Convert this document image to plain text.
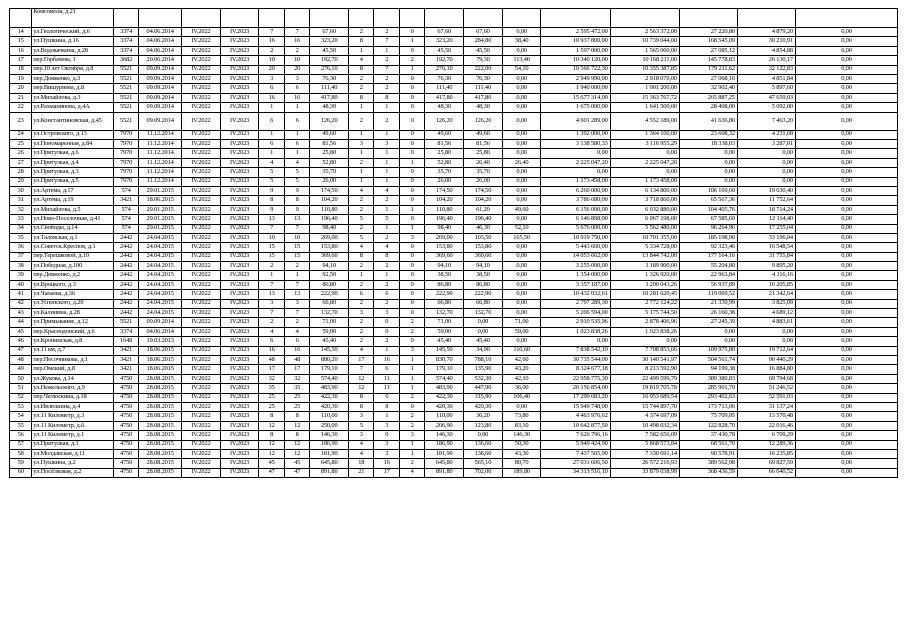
	Комсомола, д.21																		
14	ул.Геологический, д.6	3374	04.06.2014	IV.2022	IV.2023	7	7	67,60	2	2	0	67,60	67,60	0,00	2 595 472,00	2 563 372,00	27 220,80	4 879,20	0,00
15	ул.Пушкина, д.16	3374	04.06.2014	IV.2022	IV.2023	16	16	323,20	8	7	1	323,20	284,80	38,40	10 937 800,00	10 739 044,00	168 545,09	30 210,91	0,00
16	ул.Водокачкина, д.28	3374	04.06.2014	IV.2022	IV.2023	2	2	45,50	1	1	0	45,50	45,50	0,00	1 597 000,00	1 565 060,00	27 085,12	4 854,88	0,00
17	пер.Горбачева, 1	3682	20.06.2014	IV.2022	IV.2023	10	10	192,70	4	2	2	192,70	79,30	113,40	10 340 120,00	10 168 211,00	145 778,83	26 130,17	0,00
18	пер.10 лет Октября, д.8	5521	09.09.2014	IV.2022	IV.2023	20	20	276,10	8	7	1	276,10	222,00	54,10	10 566 722,30	10 355 387,85	179 211,62	32 122,83	0,00
19	пер.Довженко, д.3	5521	09.09.2014	IV.2022	IV.2023	3	3	76,30	2	2	0	76,30	76,30	0,00	2 949 990,00	2 918 070,00	27 068,16	4 851,84	0,00
20	пер.Вишуриева, д.8	5521	09.09.2014	IV.2022	IV.2023	6	6	111,40	2	2	0	111,40	111,40	0,00	1 940 000,00	1 901 200,00	32 902,40	5 897,60	0,00
21	ул.Михайлова, д.3	5521	09.09.2014	IV.2022	IV.2023	16	16	417,80	8	8	0	417,80	417,80	0,00	15 677 314,00	15 363 767,72	265 887,25	47 659,03	0,00
22	ул.Рахманинова, д.4А	5521	09.09.2014	IV.2022	IV.2023	1	1	48,30	1	1	0	48,30	48,30	0,00	1 675 000,00	1 641 500,00	28 408,00	5 092,00	0,00
23	ул.Константиновская, д.45	5521	09.09.2014	IV.2022	IV.2023	6	6	126,20	2	2	0	126,20	126,20	0,00	4 601 289,00	4 552 189,00	41 636,80	7 463,20	0,00
24	ул.Островского, д.13	7970	11.12.2014	IV.2022	IV.2023	1	1	49,60	1	1	0	49,60	49,60	0,00	1 392 000,00	1 364 160,00	23 608,32	4 231,68	0,00
25	ул.Пономаренная, д.84	7970	11.12.2014	IV.2022	IV.2023	6	6	81,56	3	3	0	81,56	81,56	0,00	3 138 580,33	3 116 955,29	18 338,03	3 287,01	0,00
26	ул.Притулкая, д.6	7970	11.12.2014	IV.2022	IV.2023	1	1	25,80	1	1	0	25,80	25,80	0,00	0,00	0,00	0,00	0,00	0,00
27	ул.Притулкая, д.4	7970	11.12.2014	IV.2022	IV.2023	4	4	52,80	2	1	1	52,80	26,40	26,40	2 225 047,20	2 225 047,20	0,00	0,00	0,00
28	ул.Притулкая, д.3	7970	11.12.2014	IV.2022	IV.2023	5	5	35,70	1	1	0	35,70	35,70	0,00	0,00	0,00	0,00	0,00	0,00
29	ул.Притулкая, д.5	7970	11.12.2014	IV.2022	IV.2023	5	5	26,00	1	1	0	26,00	26,00	0,00	1 173 458,00	1 173 458,00	0,00	0,00	0,00
30	ул.Артема, д.17	574	29.01.2015	IV.2022	IV.2023	9	9	174,50	4	4	0	174,50	174,50	0,00	6 260 000,00	6 134 800,00	106 169,60	19 030,40	0,00
31	ул.Артема, д.19	3421	18.06.2015	IV.2022	IV.2023	8	8	104,20	2	2	0	104,20	104,20	0,00	3 786 680,00	3 718 860,00	65 567,36	11 752,64	0,00
32	ул.Михайлова, д.5	574	29.01.2015	IV.2022	IV.2023	9	9	110,80	2	1	1	110,80	61,20	49,60	6 156 000,00	6 032 880,00	104 405,76	18 714,24	0,00
33	ул.Ново-Поселочная, д.41	574	29.01.2015	IV.2022	IV.2023	13	13	196,40	5	5	0	196,40	196,40	0,00	6 146 898,00	6 067 198,00	67 585,60	12 114,40	0,00
34	ул.Свободы, д.14	574	29.01.2015	IV.2022	IV.2023	7	7	98,40	2	1	1	98,40	46,30	52,10	5 676 000,00	5 562 480,00	96 264,96	17 255,04	0,00
35	ул.Таловская, д.1	2442	24.04.2015	IV.2022	IV.2023	10	10	269,00	5	2	3	269,00	103,50	165,50	10 919 750,00	10 701 355,00	185 198,90	33 196,04	0,00
36	ул.Советск.Креспов, д.1	2442	24.04.2015	IV.2022	IV.2023	15	15	153,80	4	4	0	153,80	153,80	0,00	5 443 600,00	5 334 728,00	92 323,46	16 548,54	0,00
37	пер.Терешковой, д.10	2442	24.04.2015	IV.2022	IV.2023	15	15	369,60	8	8	0	369,60	369,60	0,00	14 053 662,00	13 844 742,00	177 164,16	31 755,84	0,00
38	ул.Победная, д.100	2442	24.04.2015	IV.2022	IV.2023	2	2	94,10	2	2	0	94,10	94,10	0,00	3 255 000,00	3 189 900,00	55 204,80	9 895,20	0,00
39	пер.Довженко, д.2	2442	24.04.2015	IV.2022	IV.2023	1	1	92,50	1	1	0	38,50	38,50	0,00	1 354 000,00	1 326 920,00	22 963,84	4 116,16	0,00
40	ул.Вроцкого, д.3	2442	24.04.2015	IV.2022	IV.2023	7	7	86,80	2	2	0	86,80	86,80	0,00	3 357 187,00	3 290 043,26	56 937,89	10 205,85	0,00
41	ул.Чапаева, д.36	2442	24.04.2015	IV.2022	IV.2023	13	13	222,90	6	6	0	222,90	222,90	0,00	10 432 032,61	10 281 620,45	119 069,52	21 342,64	0,00
42	ул.Успенского, д.29	2442	24.04.2015	IV.2022	IV.2023	3	3	66,80	2	2	0	66,80	66,80	0,00	2 797 289,30	2 772 124,22	21 339,99	3 825,09	0,00
43	ул.Калинина, д.28	2442	24.04.2015	IV.2022	IV.2023	7	7	132,70	3	3	0	132,70	132,70	0,00	5 206 594,00	5 175 744,50	26 160,38	4 689,12	0,00
44	ул.Примыкание, д.12	5521	09.09.2014	IV.2022	IV.2023	2	2	71,00	2	0	2	71,00	0,00	71,00	2 910 535,96	2 878 406,96	27 245,39	4 883,61	0,00
45	пер.Краснодонский, д.6	3374	04.06.2014	IV.2022	IV.2023	4	4	59,00	2	0	2	59,00	0,00	59,00	1 023 838,26	1 023 838,26	0,00	0,00	0,00
46	ул.Кронинская, д.8	1648	19.03.2013	IV.2022	IV.2023	6	6	45,40	2	2	0	45,40	45,40	0,00	0,00	0,00	0,00	0,00	0,00
47	ул.11 км, д.7	3421	18.06.2015	IV.2022	IV.2023	16	16	145,50	4	1	3	145,50	34,90	110,60	7 838 542,10	7 708 853,66	109 975,80	19 712,64	0,00
48	пер.Песочникова, д.1	3421	18.06.2015	IV.2022	IV.2023	48	48	880,20	17	16	1	830,70	788,10	42,60	30 735 544,00	30 140 541,97	504 561,74	90 440,29	0,00
49	пер.Омский, д.8	3421	18.06.2015	IV.2022	IV.2023	17	17	179,10	7	6	1	179,10	135,90	43,20	8 324 677,18	8 213 592,90	94 199,38	16 884,80	0,00
50	ул.Жукова, д.14	4750	28.08.2015	IV.2022	IV.2023	32	32	574,40	12	11	1	574,40	532,30	42,10	22 958 775,30	22 499 599,79	389 380,83	69 794,68	0,00
51	ул.Нежельского, д.9	4750	28.08.2015	IV.2022	IV.2023	35	35	483,90	12	11	1	483,90	447,90	36,00	20 156 854,00	19 819 705,78	285 901,70	51 246,52	0,00
52	пер.Челюскина, д.18	4750	28.08.2015	IV.2022	IV.2023	25	25	422,30	8	6	2	422,30	315,90	106,40	17 299 683,20	16 953 689,54	293 402,63	52 591,03	0,00
53	ул.Ивлюшина, д.4	4750	28.08.2015	IV.2022	IV.2023	25	25	420,30	8	8	0	420,30	420,30	0,00	15 949 748,00	15 744 897,70	173 713,06	31 137,24	0,00
54	ул.11 Километр, д.3	4750	28.08.2015	IV.2022	IV.2023	8	8	110,00	3	1	2	110,00	36,20	73,80	4 463 976,62	4 374 697,09	75 709,05	13 570,48	0,00
55	ул.11 Километр, д.6	4750	28.08.2015	IV.2022	IV.2023	12	12	250,00	5	3	2	206,90	123,80	83,10	10 642 877,50	10 498 032,34	122 828,70	22 016,46	0,00
56	ул.11 Километр, д.1	4750	28.08.2015	IV.2022	IV.2023	8	8	146,30	3	0	3	146,30	0,00	146,30	7 626 796,16	7 582 656,09	37 430,78	6 709,29	0,00
57	ул.Притулкая, д.1	4750	28.08.2015	IV.2022	IV.2023	12	12	186,90	4	3	1	186,90	136,60	50,30	5 949 424,90	5 868 573,84	68 561,70	12 289,36	0,00
58	ул.Молдавская, д.11	4750	28.08.2015	IV.2022	IV.2023	12	12	181,90	4	3	1	181,90	138,60	43,30	7 437 505,90	7 330 691,14	90 578,91	16 235,85	0,00
59	ул.Пушкина, д.2	4750	28.08.2015	IV.2022	IV.2023	45	45	645,80	18	16	2	645,80	565,10	80,70	27 031 606,50	26 572 216,93	389 562,98	69 827,59	0,00
60	ул.Посёлковая, д.2	4750	28.08.2015	IV.2022	IV.2023	47	47	891,80	21	17	4	891,80	702,00	189,80	34 313 516,10	33 879 038,99	368 436,59	66 040,52	0,00
